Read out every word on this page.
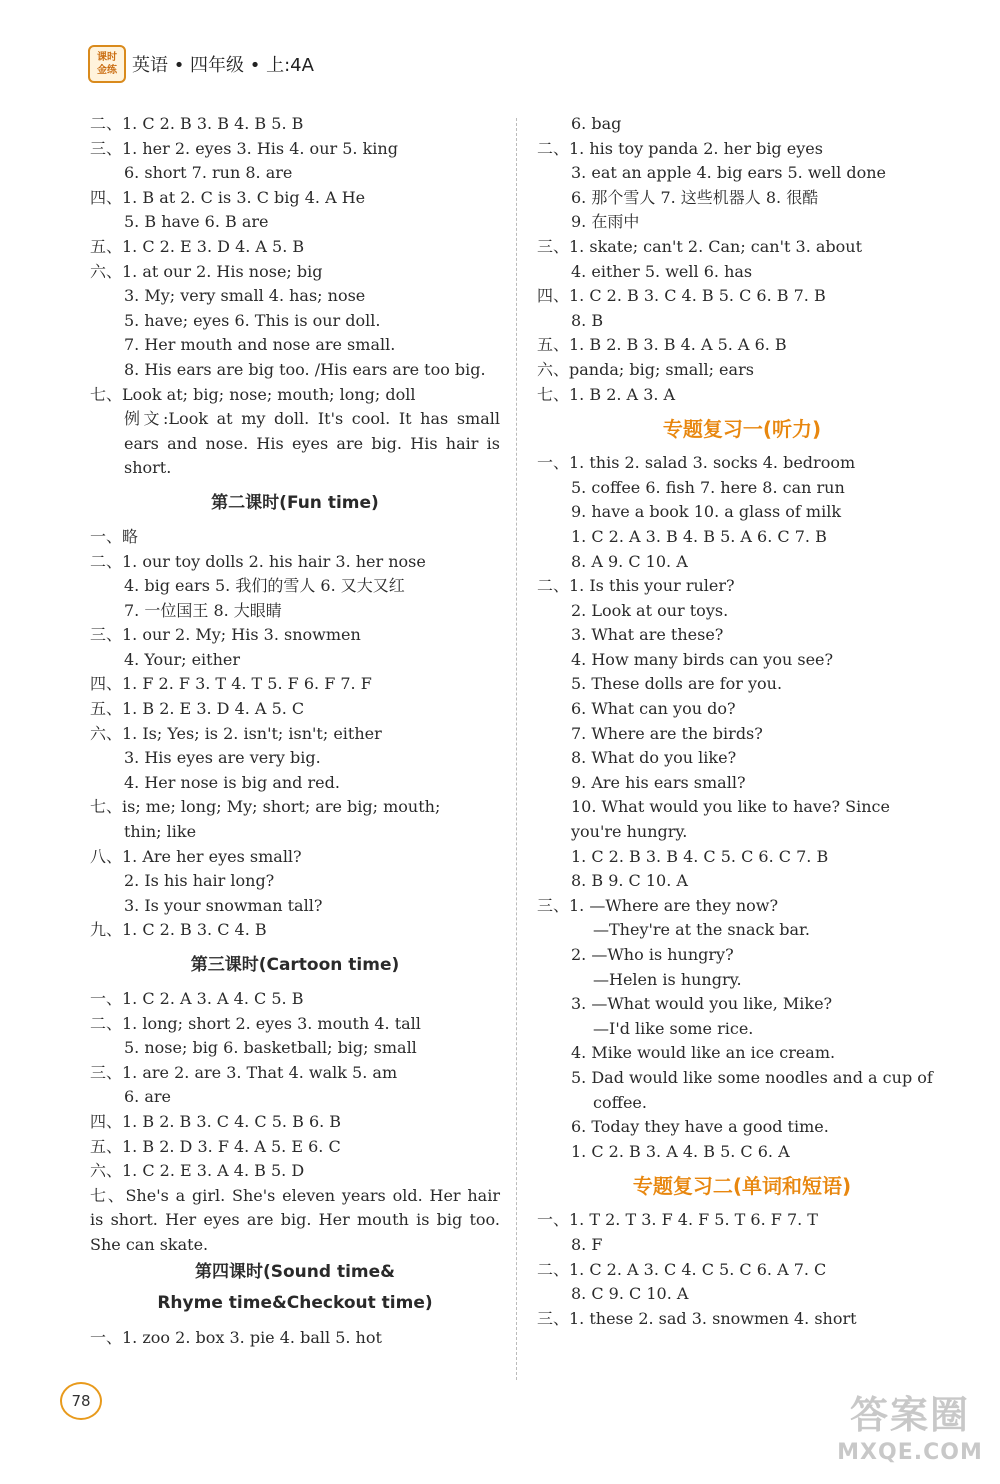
课时
金练 英语 • 四年级 • 上:4A
二、1. C 2. B 3. B 4. B 5. B
三、1. her 2. eyes 3. His 4. our 5. king
6. short 7. run 8. are
四、1. B at 2. C is 3. C big 4. A He
5. B have 6. B are
五、1. C 2. E 3. D 4. A 5. B
六、1. at our 2. His nose; big
3. My; very small 4. has; nose
5. have; eyes 6. This is our doll.
7. Her mouth and nose are small.
8. His ears are big too. /His ears are too big.
七、Look at; big; nose; mouth; long; doll
例文:Look at my doll. It's cool. It has small ears and nose. His eyes are big. His hair is short.
第二课时(Fun time)
一、略
二、1. our toy dolls 2. his hair 3. her nose
4. big ears 5. 我们的雪人 6. 又大又红
7. 一位国王 8. 大眼睛
三、1. our 2. My; His 3. snowmen
4. Your; either
四、1. F 2. F 3. T 4. T 5. F 6. F 7. F
五、1. B 2. E 3. D 4. A 5. C
六、1. Is; Yes; is 2. isn't; isn't; either
3. His eyes are very big.
4. Her nose is big and red.
七、is; me; long; My; short; are big; mouth;
thin; like
八、1. Are her eyes small?
2. Is his hair long?
3. Is your snowman tall?
九、1. C 2. B 3. C 4. B
第三课时(Cartoon time)
一、1. C 2. A 3. A 4. C 5. B
二、1. long; short 2. eyes 3. mouth 4. tall
5. nose; big 6. basketball; big; small
三、1. are 2. are 3. That 4. walk 5. am
6. are
四、1. B 2. B 3. C 4. C 5. B 6. B
五、1. B 2. D 3. F 4. A 5. E 6. C
六、1. C 2. E 3. A 4. B 5. D
七、She's a girl. She's eleven years old. Her hair is short. Her eyes are big. Her mouth is big too. She can skate.
第四课时(Sound time&
Rhyme time&Checkout time)
一、1. zoo 2. box 3. pie 4. ball 5. hot
6. bag
二、1. his toy panda 2. her big eyes
3. eat an apple 4. big ears 5. well done
6. 那个雪人 7. 这些机器人 8. 很酷
9. 在雨中
三、1. skate; can't 2. Can; can't 3. about
4. either 5. well 6. has
四、1. C 2. B 3. C 4. B 5. C 6. B 7. B
8. B
五、1. B 2. B 3. B 4. A 5. A 6. B
六、panda; big; small; ears
七、1. B 2. A 3. A
专题复习一(听力)
一、1. this 2. salad 3. socks 4. bedroom
5. coffee 6. fish 7. here 8. can run
9. have a book 10. a glass of milk
1. C 2. A 3. B 4. B 5. A 6. C 7. B
8. A 9. C 10. A
二、1. Is this your ruler?
2. Look at our toys.
3. What are these?
4. How many birds can you see?
5. These dolls are for you.
6. What can you do?
7. Where are the birds?
8. What do you like?
9. Are his ears small?
10. What would you like to have? Since
you're hungry.
1. C 2. B 3. B 4. C 5. C 6. C 7. B
8. B 9. C 10. A
三、1. —Where are they now?
—They're at the snack bar.
2. —Who is hungry?
—Helen is hungry.
3. —What would you like, Mike?
—I'd like some rice.
4. Mike would like an ice cream.
5. Dad would like some noodles and a cup of
coffee.
6. Today they have a good time.
1. C 2. B 3. A 4. B 5. C 6. A
专题复习二(单词和短语)
一、1. T 2. T 3. F 4. F 5. T 6. F 7. T
8. F
二、1. C 2. A 3. C 4. C 5. C 6. A 7. C
8. C 9. C 10. A
三、1. these 2. sad 3. snowmen 4. short
78	答案圈
MXQE.COM
